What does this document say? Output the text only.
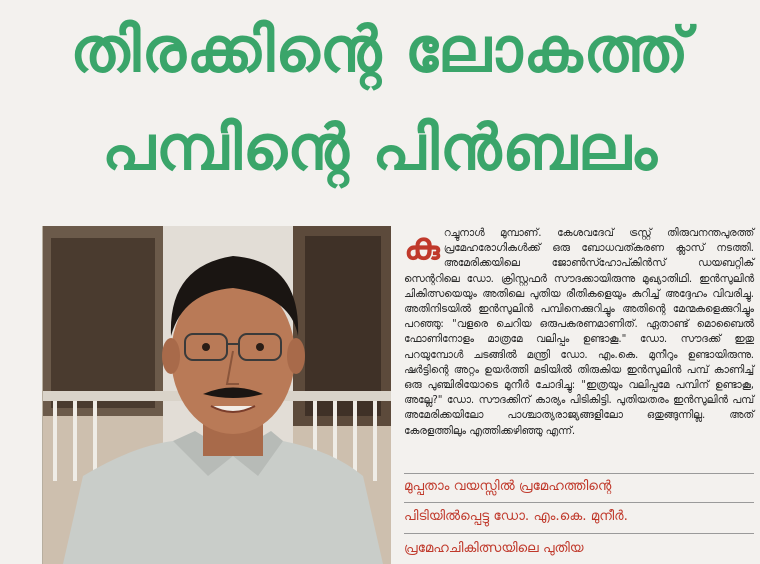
തിരക്കിന്റെ ലോകത്ത്
പമ്പിന്റെ പിൻബലം
കു റച്ചുനാൾ മുമ്പാണ്. കേശവദേവ് ട്രസ്റ്റ് തിരുവനന്തപുരത്ത് പ്രമേഹരോഗികൾക്ക് ഒരു ബോധവത്കരണ ക്ലാസ് നടത്തി. അമേരിക്കയിലെ ജോൺസ്ഹോപ്കിൻസ് ഡയബറ്റിക് സെന്ററിലെ ഡോ. ക്രിസ്റ്റഫർ സൗദക്കായിരുന്നു മുഖ്യാതിഥി. ഇൻസുലിൻ ചികിത്സയെയും അതിലെ പുതിയ രീതികളെയും കുറിച്ച് അദ്ദേഹം വിവരിച്ചു. അതിനിടയിൽ ഇൻസുലിൻ പമ്പിനെക്കുറിച്ചും അതിന്റെ മേന്മകളെക്കുറിച്ചും പറഞ്ഞു: "വളരെ ചെറിയ ഒരുപകരണമാണിത്. ഏതാണ്ട് മൊബൈൽ ഫോണിനോളം മാത്രമേ വലിപ്പം ഉണ്ടാകൂ." ഡോ. സൗദക്ക് ഇതു പറയുമ്പോൾ ചടങ്ങിൽ മന്ത്രി ഡോ. എം.കെ. മുനീറും ഉണ്ടായിരുന്നു. ഷർട്ടിന്റെ അറ്റം ഉയർത്തി മടിയിൽ തിരുകിയ ഇൻസുലിൻ പമ്പ് കാണിച്ച് ഒരു പുഞ്ചിരിയോടെ മുനീർ ചോദിച്ചു: "ഇത്രയും വലിപ്പമേ പമ്പിന് ഉണ്ടാകൂ, അല്ലേ?" ഡോ. സൗദക്കിന് കാര്യം പിടികിട്ടി. പുതിയതരം ഇൻസുലിൻ പമ്പ് അമേരിക്കയിലോ പാശ്ചാത്യരാജ്യങ്ങളിലോ ഒതുങ്ങുന്നില്ല. അത് കേരളത്തിലും എത്തിക്കഴിഞ്ഞു എന്ന്.
മുപ്പതാം വയസ്സിൽ പ്രമേഹത്തിന്റെ
പിടിയിൽപ്പെട്ടു ഡോ. എം.കെ. മുനീർ.
പ്രമേഹചികിത്സയിലെ പുതിയ
